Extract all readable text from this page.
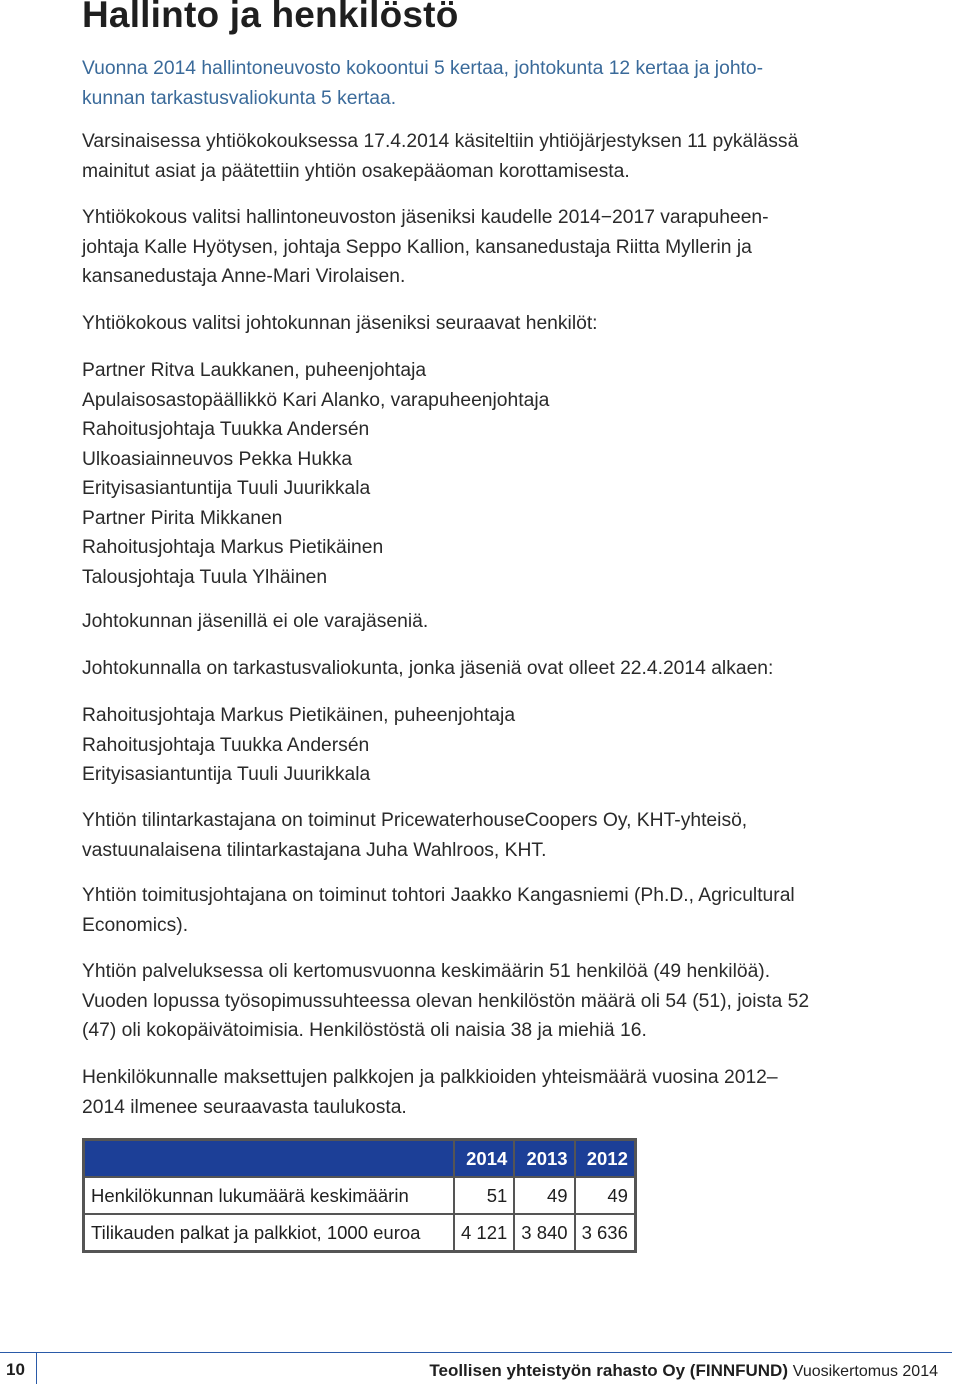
Hallinto ja henkilöstö

Vuonna 2014 hallintoneuvosto kokoontui 5 kertaa, johtokunta 12 kertaa ja johto-
kunnan tarkastusvaliokunta 5 kertaa.

Varsinaisessa yhtiökokouksessa 17.4.2014 käsiteltiin yhtiöjärjestyksen 11 pykälässä
mainitut asiat ja päätettiin yhtiön osakepääoman korottamisesta.

Yhtiökokous valitsi hallintoneuvoston jäseniksi kaudelle 2014−2017 varapuheen-
johtaja Kalle Hyötysen, johtaja Seppo Kallion, kansanedustaja Riitta Myllerin ja
kansanedustaja Anne-Mari Virolaisen.

Yhtiökokous valitsi johtokunnan jäseniksi seuraavat henkilöt:

Partner Ritva Laukkanen, puheenjohtaja
Apulaisosastopäällikkö Kari Alanko, varapuheenjohtaja
Rahoitusjohtaja Tuukka Andersén
Ulkoasiainneuvos Pekka Hukka
Erityisasiantuntija Tuuli Juurikkala
Partner Pirita Mikkanen
Rahoitusjohtaja Markus Pietikäinen
Talousjohtaja Tuula Ylhäinen

Johtokunnan jäsenillä ei ole varajäseniä.

Johtokunnalla on tarkastusvaliokunta, jonka jäseniä ovat olleet 22.4.2014 alkaen:

Rahoitusjohtaja Markus Pietikäinen, puheenjohtaja
Rahoitusjohtaja Tuukka Andersén
Erityisasiantuntija Tuuli Juurikkala

Yhtiön tilintarkastajana on toiminut PricewaterhouseCoopers Oy, KHT-yhteisö,
vastuunalaisena tilintarkastajana Juha Wahlroos, KHT.

Yhtiön toimitusjohtajana on toiminut tohtori Jaakko Kangasniemi (Ph.D., Agricultural
Economics).

Yhtiön palveluksessa oli kertomusvuonna keskimäärin 51 henkilöä (49 henkilöä).
Vuoden lopussa työsopimussuhteessa olevan henkilöstön määrä oli 54 (51), joista 52
(47) oli kokopäivätoimisia. Henkilöstöstä oli naisia 38 ja miehiä 16.

Henkilökunnalle maksettujen palkkojen ja palkkioiden yhteismäärä vuosina 2012–
2014 ilmenee seuraavasta taulukosta.

	2014	2013	2012
Henkilökunnan lukumäärä keskimäärin	51	49	49
Tilikauden palkat ja palkkiot, 1000 euroa	4 121	3 840	3 636
10	Teollisen yhteistyön rahasto Oy (FINNFUND) Vuosikertomus 2014
